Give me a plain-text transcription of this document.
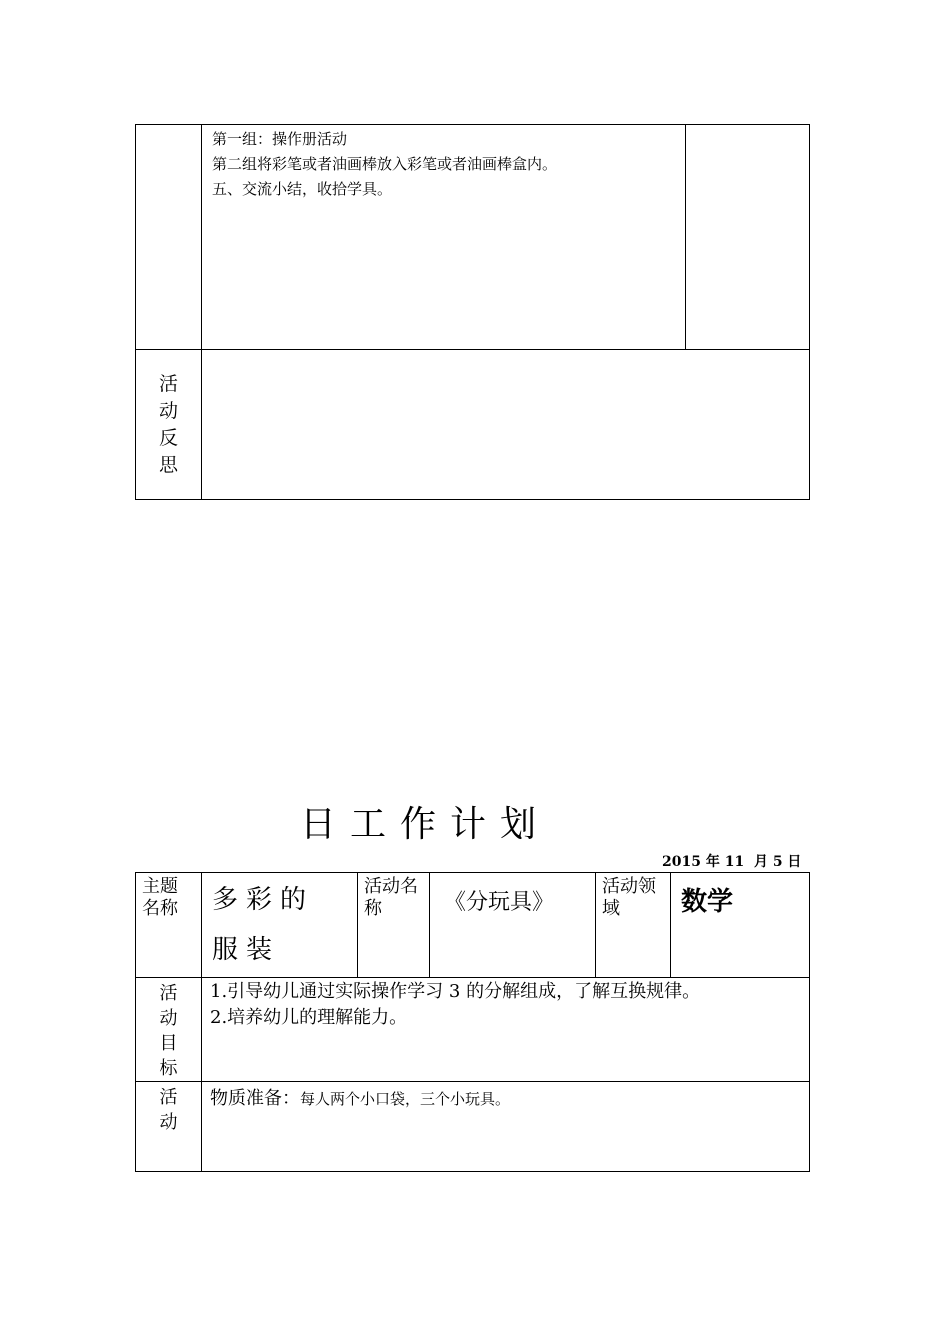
	第一组：操作册活动
第二组将彩笔或者油画棒放入彩笔或者油画棒盒内。
五、交流小结，收拾学具。	

活动反思		

日工作计划
2015 年 11  月 5 日
主题名称	多彩的服装	活动名称	《分玩具》	活动领域	数学

活动目标	1.引导幼儿通过实际操作学习 3 的分解组成，了解互换规律。
2.培养幼儿的理解能力。				

活动	物质准备：每人两个小口袋，三个小玩具。				
